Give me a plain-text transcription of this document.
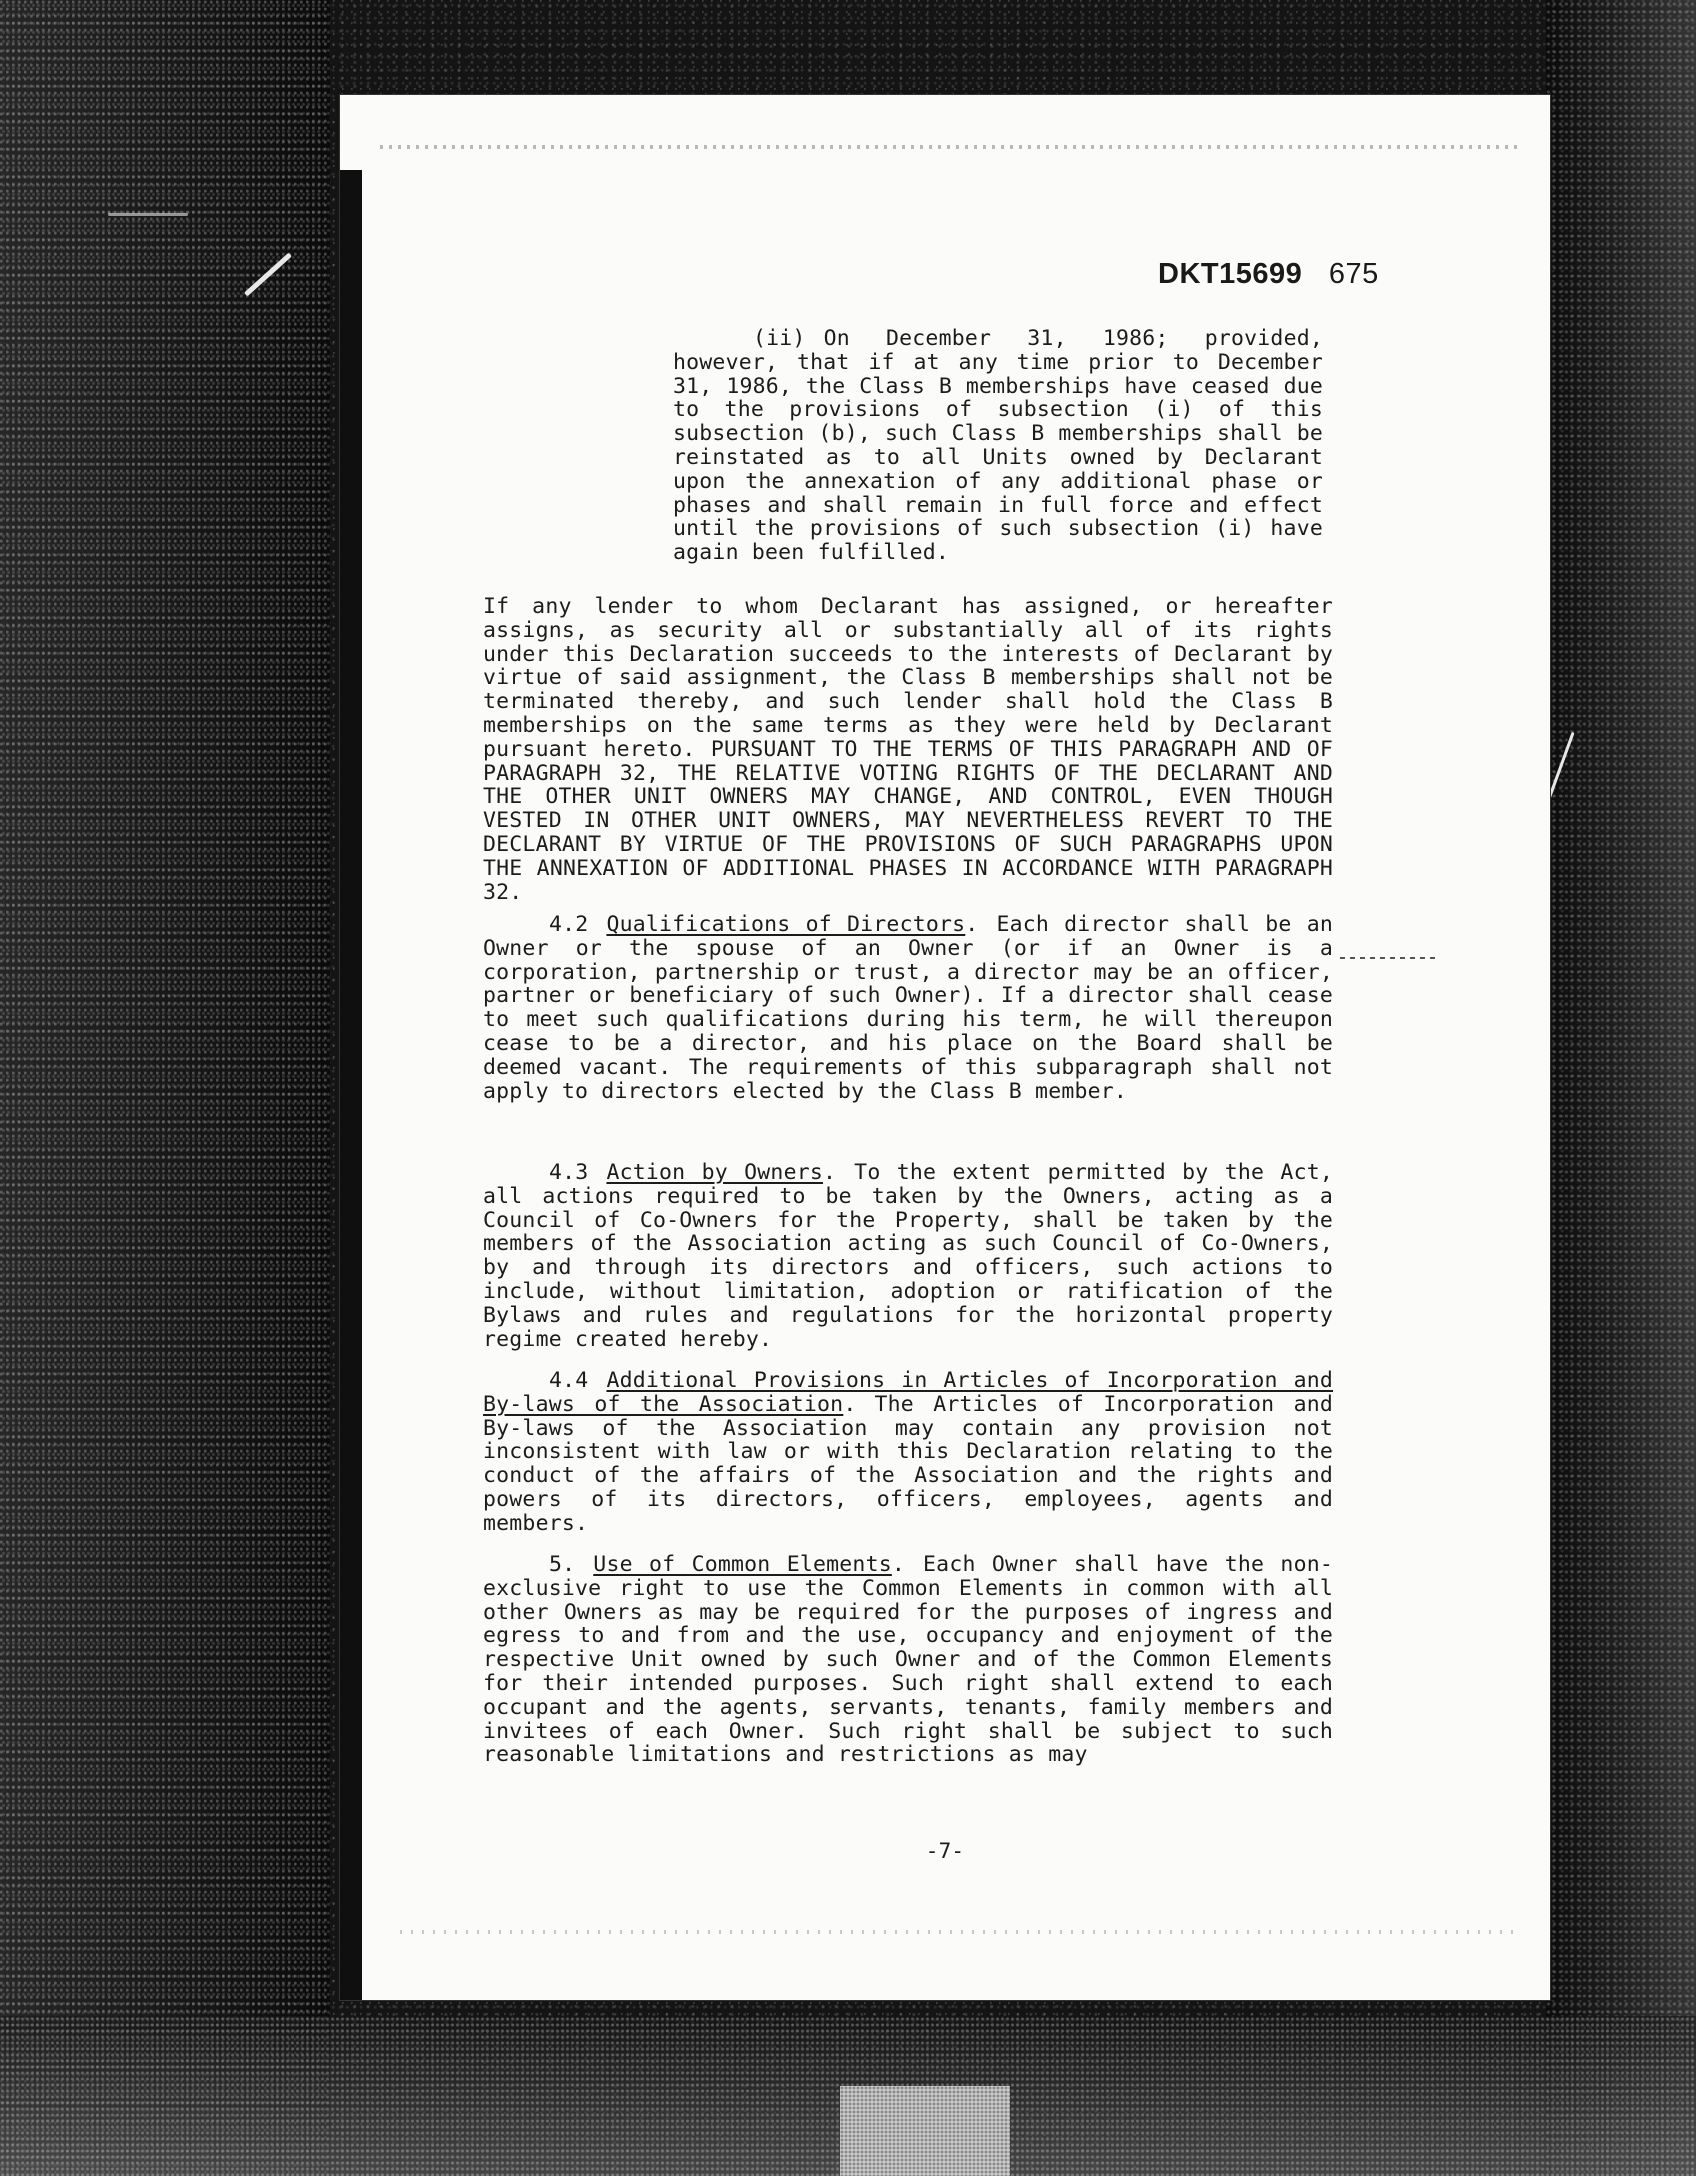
DKT15699 675
(ii) On December 31, 1986; provided, however, that if at any time prior to December 31, 1986, the Class B memberships have ceased due to the provisions of subsection (i) of this subsection (b), such Class B memberships shall be reinstated as to all Units owned by Declarant upon the annexation of any additional phase or phases and shall remain in full force and effect until the provisions of such subsection (i) have again been fulfilled.
If any lender to whom Declarant has assigned, or hereafter assigns, as security all or substantially all of its rights under this Declaration succeeds to the interests of Declarant by virtue of said assignment, the Class B memberships shall not be terminated thereby, and such lender shall hold the Class B memberships on the same terms as they were held by Declarant pursuant hereto. PURSUANT TO THE TERMS OF THIS PARAGRAPH AND OF PARAGRAPH 32, THE RELATIVE VOTING RIGHTS OF THE DECLARANT AND THE OTHER UNIT OWNERS MAY CHANGE, AND CONTROL, EVEN THOUGH VESTED IN OTHER UNIT OWNERS, MAY NEVERTHELESS REVERT TO THE DECLARANT BY VIRTUE OF THE PROVISIONS OF SUCH PARAGRAPHS UPON THE ANNEXATION OF ADDITIONAL PHASES IN ACCORDANCE WITH PARAGRAPH 32.
4.2 Qualifications of Directors. Each director shall be an Owner or the spouse of an Owner (or if an Owner is a corporation, partnership or trust, a director may be an officer, partner or beneficiary of such Owner). If a director shall cease to meet such qualifications during his term, he will thereupon cease to be a director, and his place on the Board shall be deemed vacant. The requirements of this subparagraph shall not apply to directors elected by the Class B member.
4.3 Action by Owners. To the extent permitted by the Act, all actions required to be taken by the Owners, acting as a Council of Co-Owners for the Property, shall be taken by the members of the Association acting as such Council of Co-Owners, by and through its directors and officers, such actions to include, without limitation, adoption or ratification of the Bylaws and rules and regulations for the horizontal property regime created hereby.
4.4 Additional Provisions in Articles of Incorporation and By-laws of the Association. The Articles of Incorporation and By-laws of the Association may contain any provision not inconsistent with law or with this Declaration relating to the conduct of the affairs of the Association and the rights and powers of its directors, officers, employees, agents and members.
5. Use of Common Elements. Each Owner shall have the non-exclusive right to use the Common Elements in common with all other Owners as may be required for the purposes of ingress and egress to and from and the use, occupancy and enjoyment of the respective Unit owned by such Owner and of the Common Elements for their intended purposes. Such right shall extend to each occupant and the agents, servants, tenants, family members and invitees of each Owner. Such right shall be subject to such reasonable limitations and restrictions as may
-7-
